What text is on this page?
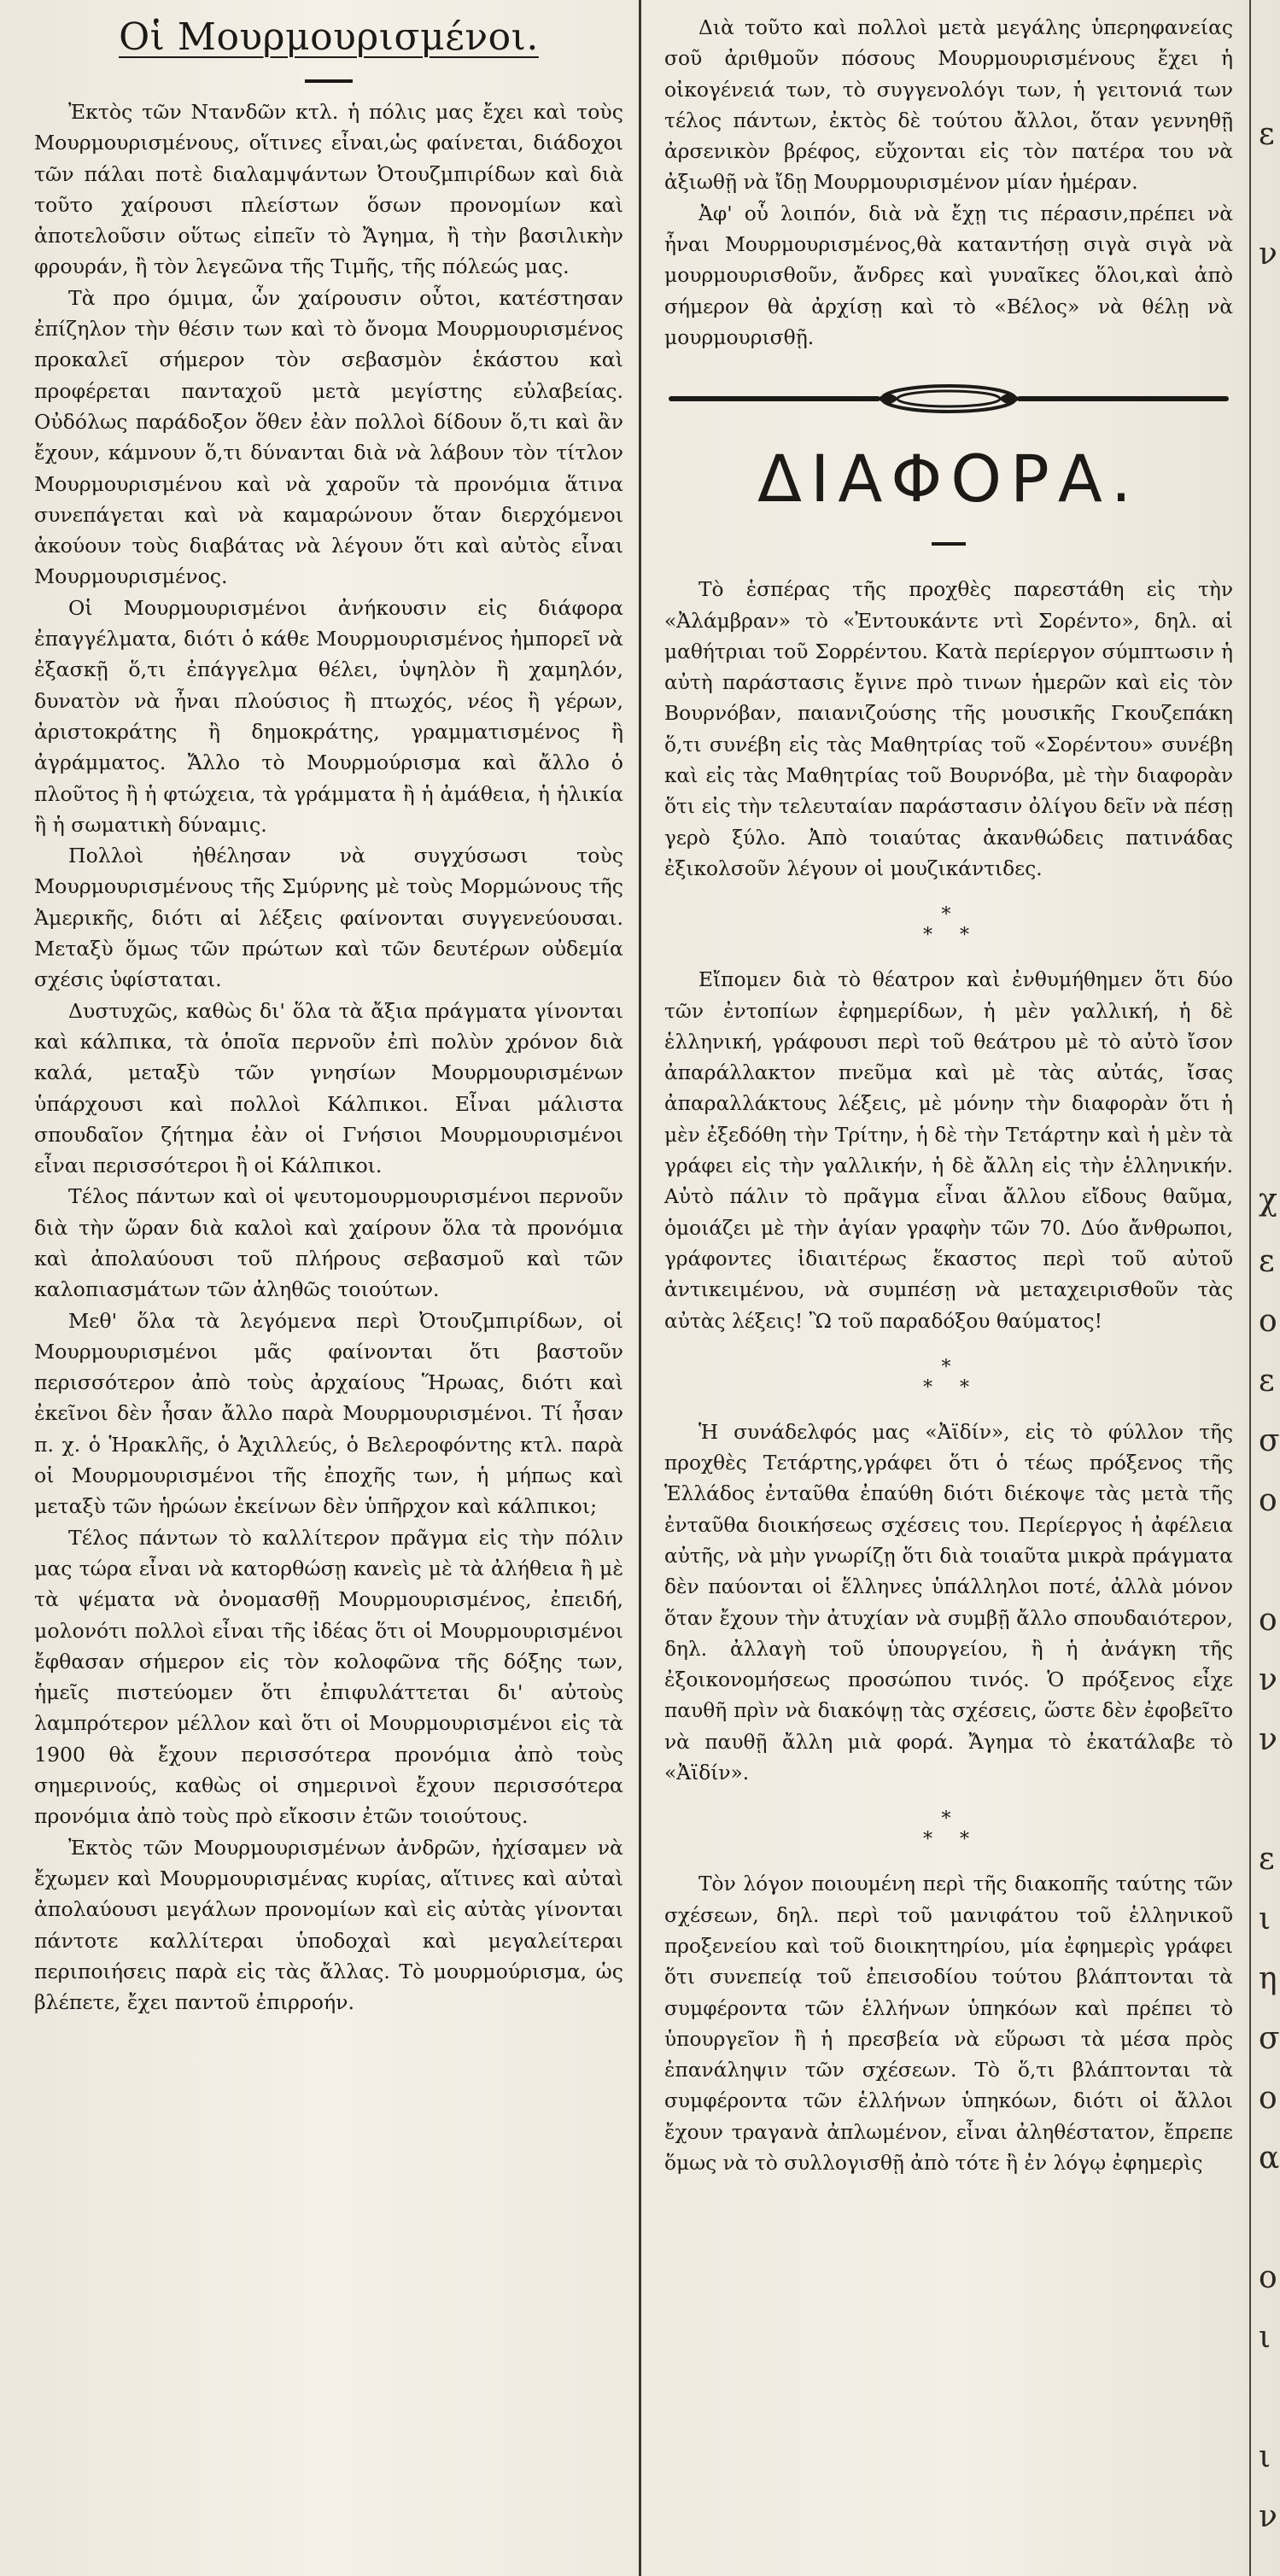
Οἱ Μουρμουρισμένοι.

Ἐκτὸς τῶν Ντανδῶν κτλ. ἡ πόλις μας ἔχει καὶ τοὺς Μουρμουρισμένους, οἵτινες εἶναι,ὡς φαίνεται, διάδοχοι τῶν πάλαι ποτὲ διαλαμψάντων Ὀτουζμπιρίδων καὶ διὰ τοῦτο χαίρουσι πλείστων ὅσων προνομίων καὶ ἀποτελοῦσιν οὕτως εἰπεῖν τὸ Ἄγημα, ἢ τὴν βασιλικὴν φρουράν, ἢ τὸν λεγεῶνα τῆς Τιμῆς, τῆς πόλεώς μας.

Τὰ προ όμιμα, ὧν χαίρουσιν οὗτοι, κατέστησαν ἐπίζηλον τὴν θέσιν των καὶ τὸ ὄνομα Μουρμουρισμένος προκαλεῖ σήμερον τὸν σεβασμὸν ἑκάστου καὶ προφέρεται πανταχοῦ μετὰ μεγίστης εὐλαβείας. Οὐδόλως παράδοξον ὅθεν ἐὰν πολλοὶ δίδουν ὅ,τι καὶ ἂν ἔχουν, κάμνουν ὅ,τι δύνανται διὰ νὰ λάβουν τὸν τίτλον Μουρμουρισμένου καὶ νὰ χαροῦν τὰ προνόμια ἅτινα συνεπάγεται καὶ νὰ καμαρώνουν ὅταν διερχόμενοι ἀκούουν τοὺς διαβάτας νὰ λέγουν ὅτι καὶ αὐτὸς εἶναι Μουρμουρισμένος.

Οἱ Μουρμουρισμένοι ἀνήκουσιν εἰς διάφορα ἐπαγγέλματα, διότι ὁ κάθε Μουρμουρισμένος ἠμπορεῖ νὰ ἐξασκῇ ὅ,τι ἐπάγγελμα θέλει, ὑψηλὸν ἢ χαμηλόν, δυνατὸν νὰ ἦναι πλούσιος ἢ πτωχός, νέος ἢ γέρων, ἀριστοκράτης ἢ δημοκράτης, γραμματισμένος ἢ ἀγράμματος. Ἄλλο τὸ Μουρμούρισμα καὶ ἄλλο ὁ πλοῦτος ἢ ἡ φτώχεια, τὰ γράμματα ἢ ἡ ἀμάθεια, ἡ ἡλικία ἢ ἡ σωματικὴ δύναμις.

Πολλοὶ ἠθέλησαν νὰ συγχύσωσι τοὺς Μουρμουρισμένους τῆς Σμύρνης μὲ τοὺς Μορμώνους τῆς Ἀμερικῆς, διότι αἱ λέξεις φαίνονται συγγενεύουσαι. Μεταξὺ ὅμως τῶν πρώτων καὶ τῶν δευτέρων οὐδεμία σχέσις ὑφίσταται.

Δυστυχῶς, καθὼς δι' ὅλα τὰ ἄξια πράγματα γίνονται καὶ κάλπικα, τὰ ὁποῖα περνοῦν ἐπὶ πολὺν χρόνον διὰ καλά, μεταξὺ τῶν γνησίων Μουρμουρισμένων ὑπάρχουσι καὶ πολλοὶ Κάλπικοι. Εἶναι μάλιστα σπουδαῖον ζήτημα ἐὰν οἱ Γνήσιοι Μουρμουρισμένοι εἶναι περισσότεροι ἢ οἱ Κάλπικοι.

Τέλος πάντων καὶ οἱ ψευτομουρμουρισμένοι περνοῦν διὰ τὴν ὥραν διὰ καλοὶ καὶ χαίρουν ὅλα τὰ προνόμια καὶ ἀπολαύουσι τοῦ πλήρους σεβασμοῦ καὶ τῶν καλοπιασμάτων τῶν ἀληθῶς τοιούτων.

Μεθ' ὅλα τὰ λεγόμενα περὶ Ὀτουζμπιρίδων, οἱ Μουρμουρισμένοι μᾶς φαίνονται ὅτι βαστοῦν περισσότερον ἀπὸ τοὺς ἀρχαίους Ἥρωας, διότι καὶ ἐκεῖνοι δὲν ἦσαν ἄλλο παρὰ Μουρμουρισμένοι. Τί ἦσαν π. χ. ὁ Ἡρακλῆς, ὁ Ἀχιλλεύς, ὁ Βελεροφόντης κτλ. παρὰ οἱ Μουρμουρισμένοι τῆς ἐποχῆς των, ἡ μήπως καὶ μεταξὺ τῶν ἡρώων ἐκείνων δὲν ὑπῆρχον καὶ κάλπικοι;

Τέλος πάντων τὸ καλλίτερον πρᾶγμα εἰς τὴν πόλιν μας τώρα εἶναι νὰ κατορθώσῃ κανεὶς μὲ τὰ ἀλήθεια ἢ μὲ τὰ ψέματα νὰ ὀνομασθῇ Μουρμουρισμένος, ἐπειδή, μολονότι πολλοὶ εἶναι τῆς ἰδέας ὅτι οἱ Μουρμουρισμένοι ἔφθασαν σήμερον εἰς τὸν κολοφῶνα τῆς δόξης των, ἡμεῖς πιστεύομεν ὅτι ἐπιφυλάττεται δι' αὐτοὺς λαμπρότερον μέλλον καὶ ὅτι οἱ Μουρμουρισμένοι εἰς τὰ 1900 θὰ ἔχουν περισσότερα προνόμια ἀπὸ τοὺς σημερινούς, καθὼς οἱ σημερινοὶ ἔχουν περισσότερα προνόμια ἀπὸ τοὺς πρὸ εἴκοσιν ἐτῶν τοιούτους.

Ἐκτὸς τῶν Μουρμουρισμένων ἀνδρῶν, ἠχίσαμεν νὰ ἔχωμεν καὶ Μουρμουρισμένας κυρίας, αἵτινες καὶ αὐταὶ ἀπολαύουσι μεγάλων προνομίων καὶ εἰς αὐτὰς γίνονται πάντοτε καλλίτεραι ὑποδοχαὶ καὶ μεγαλείτεραι περιποιήσεις παρὰ εἰς τὰς ἄλλας. Τὸ μουρμούρισμα, ὡς βλέπετε, ἔχει παντοῦ ἐπιρροήν.

Διὰ τοῦτο καὶ πολλοὶ μετὰ μεγάλης ὑπερηφανείας σοῦ ἀριθμοῦν πόσους Μουρμουρισμένους ἔχει ἡ οἰκογένειά των, τὸ συγγενολόγι των, ἡ γειτονιά των τέλος πάντων, ἐκτὸς δὲ τούτου ἄλλοι, ὅταν γεννηθῇ ἀρσενικὸν βρέφος, εὔχονται εἰς τὸν πατέρα του νὰ ἀξιωθῇ νὰ ἴδῃ Μουρμουρισμένον μίαν ἡμέραν.

Ἀφ' οὗ λοιπόν, διὰ νὰ ἔχῃ τις πέρασιν,πρέπει νὰ ἦναι Μουρμουρισμένος,θὰ καταντήσῃ σιγὰ σιγὰ νὰ μουρμουρισθοῦν, ἄνδρες καὶ γυναῖκες ὅλοι,καὶ ἀπὸ σήμερον θὰ ἀρχίσῃ καὶ τὸ «Βέλος» νὰ θέλῃ νὰ μουρμουρισθῇ.

ΔΙΑΦΟΡΑ.

Τὸ ἑσπέρας τῆς προχθὲς παρεστάθη εἰς τὴν «Ἀλάμβραν» τὸ «Ἐντουκάντε ντὶ Σορέντο», δηλ. αἱ μαθήτριαι τοῦ Σορρέντου. Κατὰ περίεργον σύμπτωσιν ἡ αὐτὴ παράστασις ἔγινε πρὸ τινων ἡμερῶν καὶ εἰς τὸν Βουρνόβαν, παιανιζούσης τῆς μουσικῆς Γκουζεπάκη ὅ,τι συνέβη εἰς τὰς Μαθητρίας τοῦ «Σορέντου» συνέβη καὶ εἰς τὰς Μαθητρίας τοῦ Βουρνόβα, μὲ τὴν διαφορὰν ὅτι εἰς τὴν τελευταίαν παράστασιν ὀλίγου δεῖν νὰ πέσῃ γερὸ ξύλο. Ἀπὸ τοιαύτας ἀκανθώδεις πατινάδας ἐξικολσοῦν λέγουν οἱ μουζικάντιδες.

*
* *

Εἴπομεν διὰ τὸ θέατρον καὶ ἐνθυμήθημεν ὅτι δύο τῶν ἐντοπίων ἐφημερίδων, ἡ μὲν γαλλική, ἡ δὲ ἑλληνική, γράφουσι περὶ τοῦ θεάτρου μὲ τὸ αὐτὸ ἴσον ἀπαράλλακτον πνεῦμα καὶ μὲ τὰς αὐτάς, ἴσας ἀπαραλλάκτους λέξεις, μὲ μόνην τὴν διαφορὰν ὅτι ἡ μὲν ἐξεδόθη τὴν Τρίτην, ἡ δὲ τὴν Τετάρτην καὶ ἡ μὲν τὰ γράφει εἰς τὴν γαλλικήν, ἡ δὲ ἄλλη εἰς τὴν ἑλληνικήν. Αὐτὸ πάλιν τὸ πρᾶγμα εἶναι ἄλλου εἴδους θαῦμα, ὁμοιάζει μὲ τὴν ἁγίαν γραφὴν τῶν 70. Δύο ἄνθρωποι, γράφοντες ἰδιαιτέρως ἕκαστος περὶ τοῦ αὐτοῦ ἀντικειμένου, νὰ συμπέσῃ νὰ μεταχειρισθοῦν τὰς αὐτὰς λέξεις! Ὢ τοῦ παραδόξου θαύματος!

*
* *

Ἡ συνάδελφός μας «Ἀϊδίν», εἰς τὸ φύλλον τῆς προχθὲς Τετάρτης,γράφει ὅτι ὁ τέως πρόξενος τῆς Ἑλλάδος ἐνταῦθα ἐπαύθη διότι διέκοψε τὰς μετὰ τῆς ἐνταῦθα διοικήσεως σχέσεις του. Περίεργος ἡ ἀφέλεια αὐτῆς, νὰ μὴν γνωρίζῃ ὅτι διὰ τοιαῦτα μικρὰ πράγματα δὲν παύονται οἱ ἕλληνες ὑπάλληλοι ποτέ, ἀλλὰ μόνον ὅταν ἔχουν τὴν ἀτυχίαν νὰ συμβῇ ἄλλο σπουδαιότερον, δηλ. ἀλλαγὴ τοῦ ὑπουργείου, ἢ ἡ ἀνάγκη τῆς ἐξοικονομήσεως προσώπου τινός. Ὁ πρόξενος εἶχε παυθῆ πρὶν νὰ διακόψῃ τὰς σχέσεις, ὥστε δὲν ἐφοβεῖτο νὰ παυθῇ ἄλλη μιὰ φορά. Ἄγημα τὸ ἐκατάλαβε τὸ «Ἀϊδίν».

*
* *

Τὸν λόγον ποιουμένη περὶ τῆς διακοπῆς ταύτης τῶν σχέσεων, δηλ. περὶ τοῦ μανιφάτου τοῦ ἑλληνικοῦ προξενείου καὶ τοῦ διοικητηρίου, μία ἐφημερὶς γράφει ὅτι συνεπείᾳ τοῦ ἐπεισοδίου τούτου βλάπτονται τὰ συμφέροντα τῶν ἑλλήνων ὑπηκόων καὶ πρέπει τὸ ὑπουργεῖον ἢ ἡ πρεσβεία νὰ εὕρωσι τὰ μέσα πρὸς ἐπανάληψιν τῶν σχέσεων. Τὸ ὅ,τι βλάπτονται τὰ συμφέροντα τῶν ἑλλήνων ὑπηκόων, διότι οἱ ἄλλοι ἔχουν τραγανὰ ἀπλωμένον, εἶναι ἀληθέστατον, ἔπρεπε ὅμως νὰ τὸ συλλογισθῇ ἀπὸ τότε ἢ ἐν λόγῳ ἐφημερὶς

ε
ν
χ
ε
ο
ε
σ
ο
ο
ν
ν
ε
ι
η
σ
ο
α
ο
ι
ι
ν
